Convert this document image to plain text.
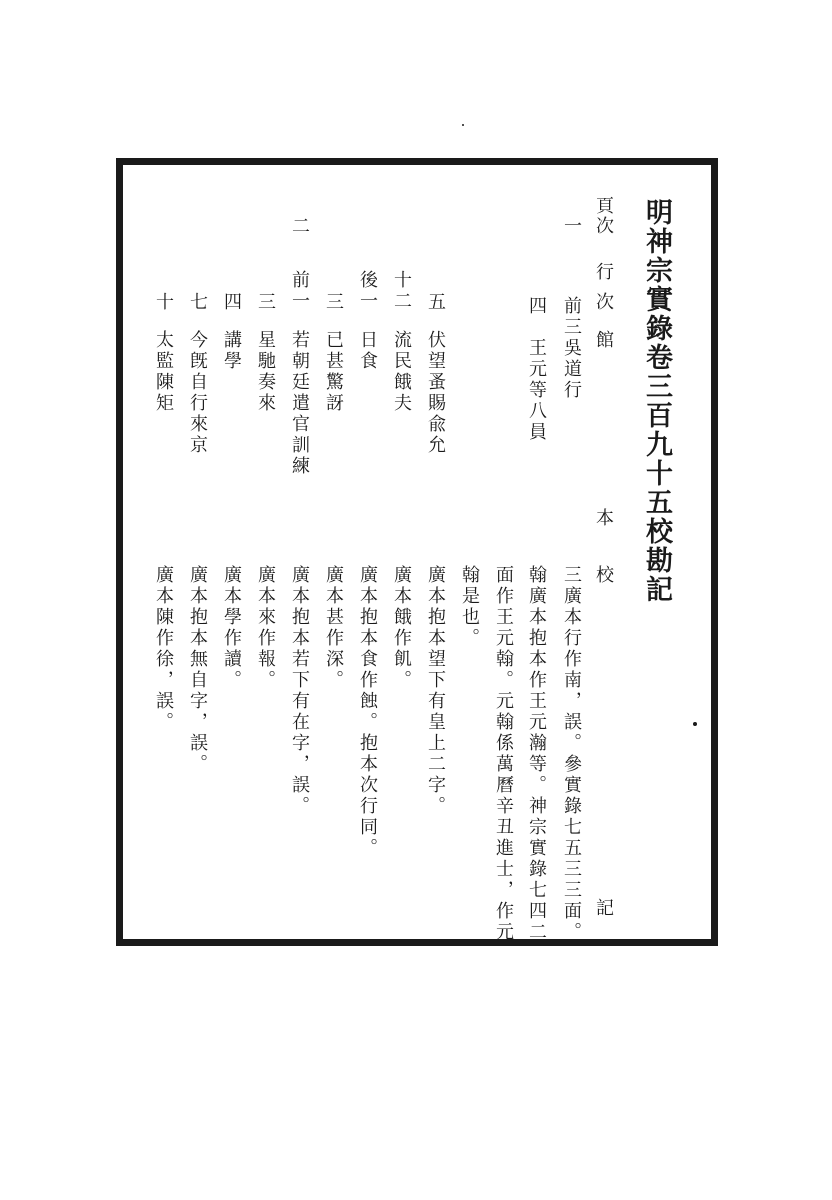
明神宗實錄卷三百九十五校勘記
頁
次
行
次
館
本
校
記
一
前三
吳道行
三廣本行作南，誤。參實錄七五三三面。
四
王元等八員
翰廣本抱本作王元瀚等。神宗實錄七四二
面作王元翰。元翰係萬曆辛丑進士，作元
翰是也。
五
伏望蚤賜兪允
廣本抱本望下有皇上二字。
十二
流民餓夫
廣本餓作飢。
後一
日食
廣本抱本食作蝕。抱本次行同。
三
已甚驚訝
廣本甚作深。
二
前一
若朝廷遣官訓練
廣本抱本若下有在字，誤。
三
星馳奏來
廣本來作報。
四
講學
廣本學作讀。
七
今旣自行來京
廣本抱本無自字，誤。
十
太監陳矩
廣本陳作徐，誤。
